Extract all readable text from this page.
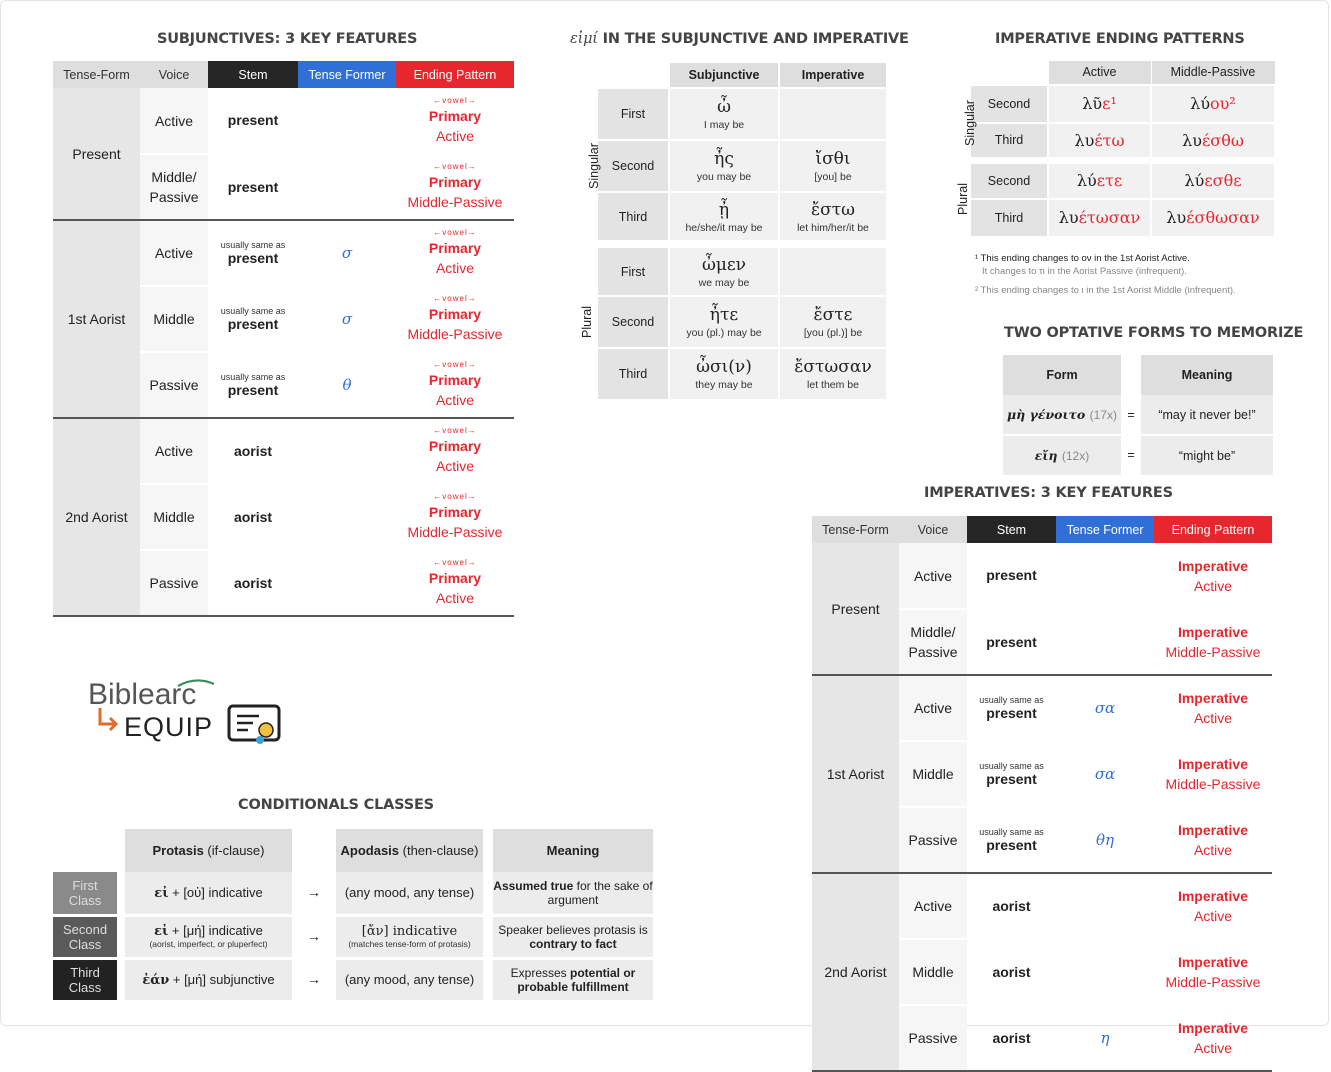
SUBJUNCTIVES: 3 KEY FEATURES
Tense-Form	Voice	Stem	Tense Former	Ending Pattern
Present	Active	present		←vowel→
Primary
Active

	Middle/
Passive	present		←vowel→
Primary
Middle-Passive

1st Aorist	Active	usually same as
present	σ	←vowel→
Primary
Active

	Middle	usually same as
present	σ	←vowel→
Primary
Middle-Passive

	Passive	usually same as
present	θ	←vowel→
Primary
Active

2nd Aorist	Active	aorist		←vowel→
Primary
Active

	Middle	aorist		←vowel→
Primary
Middle-Passive

	Passive	aorist		←vowel→
Primary
Active
εἰμί IN THE SUBJUNCTIVE AND IMPERATIVE
		Subjunctive	Imperative
Singular	First	ὦ
I may be	

	Second	ἦς
you may be	ἴσθι
[you] be

	Third	ᾖ
he/she/it may be	ἔστω
let him/her/it be

Plural	First	ὦμεν
we may be	

	Second	ἦτε
you (pl.) may be	ἔστε
[you (pl.)] be

	Third	ὦσι(ν)
they may be	ἔστωσαν
let them be
IMPERATIVE ENDING PATTERNS
		Active	Middle-Passive
Singular	Second	λῦε¹	λύου²
	Third	λυέτω	λυέσθω
Plural	Second	λύετε	λύεσθε
	Third	λυέτωσαν	λυέσθωσαν
¹ This ending changes to ον in the 1st Aorist Active.
It changes to τι in the Aorist Passive (infrequent).
² This ending changes to ι in the 1st Aorist Middle (infrequent).
TWO OPTATIVE FORMS TO MEMORIZE
Form		Meaning
μὴ γένοιτο (17x)	=	“may it never be!”
εἴη (12x)	=	“might be”
IMPERATIVES: 3 KEY FEATURES
Tense-Form	Voice	Stem	Tense Former	Ending Pattern
Present	Active	present		Imperative
Active

	Middle/
Passive	present		Imperative
Middle-Passive

1st Aorist	Active	usually same as
present	σα	Imperative
Active

	Middle	usually same as
present	σα	Imperative
Middle-Passive

	Passive	usually same as
present	θη	Imperative
Active

2nd Aorist	Active	aorist		Imperative
Active

	Middle	aorist		Imperative
Middle-Passive

	Passive	aorist	η	Imperative
Active
Biblearc
EQUIP
CONDITIONALS CLASSES
		Protasis (if-clause)				Apodasis (then-clause)		Meaning
First
Class		εἰ + [οὐ] indicative		→		(any mood, any tense)		Assumed true for the sake of argument
Second
Class		εἰ + [μή] indicative
(aorist, imperfect, or pluperfect)		→		[ἄν] indicative
(matches tense-form of protasis)		Speaker believes protasis is contrary to fact
Third
Class		ἐάν + [μή] subjunctive		→		(any mood, any tense)		Expresses potential or probable fulfillment
